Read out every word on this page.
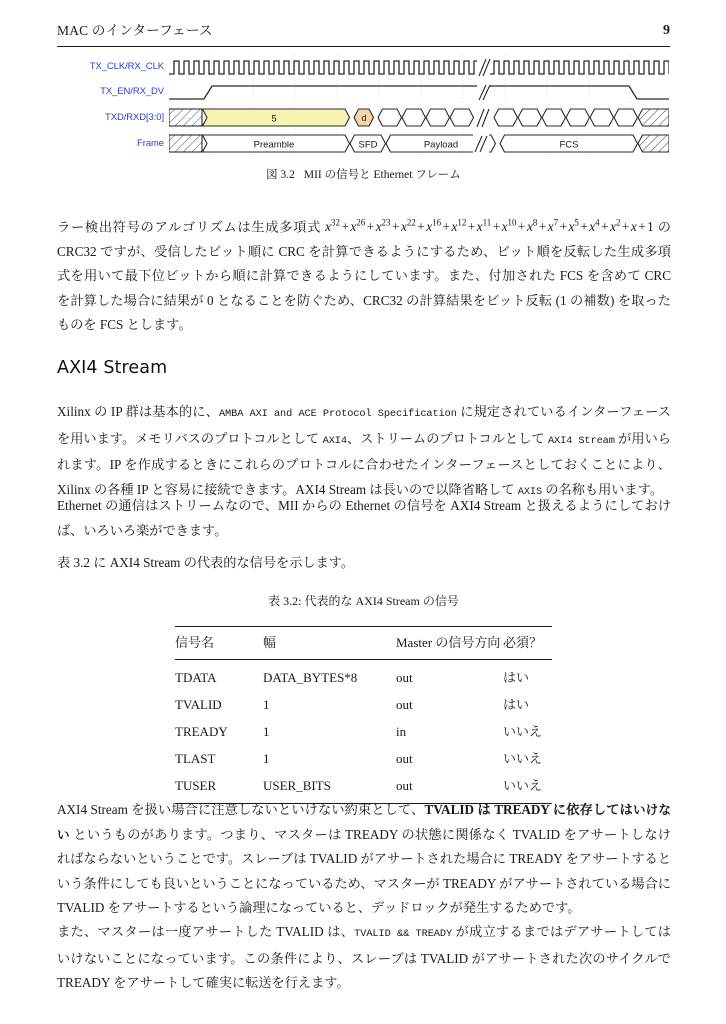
MAC のインターフェース	9
TX_CLK/RX_CLK
TX_EN/RX_DV
TXD/RXD[3:0]	5	d
Frame	Preamble	SFD	Payload	FCS
図 3.2 MII の信号と Ethernet フレーム
ラー検出符号のアルゴリズムは生成多項式 $x^{32} + x^{26} + x^{23} + x^{22} + x^{16} + x^{12} + x^{11} + x^{10} + x^8 + x^7 + x^5 + x^4 + x^2 + x + 1$ の CRC32 ですが、受信したビット順に CRC を計算できるようにするため、ビット順を反転した生成多項式を用いて最下位ビットから順に計算できるようにしています。また、付加された FCS を含めて CRC を計算した場合に結果が 0 となることを防ぐため、CRC32 の計算結果をビット反転 (1 の補数) を取ったものを FCS とします。
AXI4 Stream
Xilinx の IP 群は基本的に、AMBA AXI and ACE Protocol Specification に規定されているインターフェースを用います。メモリバスのプロトコルとして AXI4、ストリームのプロトコルとして AXI4 Stream が用いられます。IP を作成するときにこれらのプロトコルに合わせたインターフェースとしておくことにより、Xilinx の各種 IP と容易に接続できます。AXI4 Stream は長いので以降省略して AXIS の名称も用います。
Ethernet の通信はストリームなので、MII からの Ethernet の信号を AXI4 Stream と扱えるようにしておけば、いろいろ楽ができます。
表 3.2 に AXI4 Stream の代表的な信号を示します。
表 3.2: 代表的な AXI4 Stream の信号
信号名	幅	Master の信号方向	必須？
TDATA	DATA_BYTES*8	out	はい
TVALID	1	out	はい
TREADY	1	in	いいえ
TLAST	1	out	いいえ
TUSER	USER_BITS	out	いいえ
AXI4 Stream を扱い場合に注意しないといけない約束として、TVALID は TREADY に依存してはいけない というものがあります。つまり、マスターは TREADY の状態に関係なく TVALID をアサートしなければならないということです。スレーブは TVALID がアサートされた場合に TREADY をアサートするという条件にしても良いということになっているため、マスターが TREADY がアサートされている場合に TVALID をアサートするという論理になっていると、デッドロックが発生するためです。
また、マスターは一度アサートした TVALID は、TVALID && TREADY が成立するまではデアサートしてはいけないことになっています。この条件により、スレーブは TVALID がアサートされた次のサイクルで TREADY をアサートして確実に転送を行えます。
